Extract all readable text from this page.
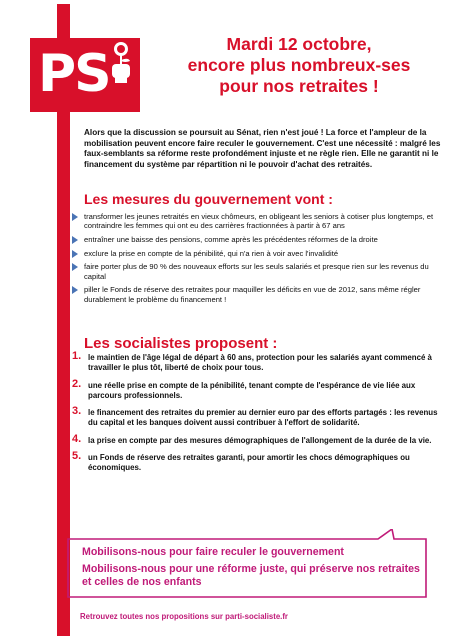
PS	Mardi 12 octobre,
encore plus nombreux-ses
pour nos retraites !
Alors que la discussion se poursuit au Sénat, rien n'est joué ! La force et l'ampleur de la mobilisation peuvent encore faire reculer le gouvernement. C'est une nécessité : malgré les faux-semblants sa réforme reste profondément injuste et ne règle rien. Elle ne garantit ni le financement du système par répartition ni le pouvoir d'achat des retraités.
Les mesures du gouvernement vont :
transformer les jeunes retraités en vieux chômeurs, en obligeant les seniors à cotiser plus longtemps, et contraindre les femmes qui ont eu des carrières fractionnées à partir à 67 ans
entraîner une baisse des pensions, comme après les précédentes réformes de la droite
exclure la prise en compte de la pénibilité, qui n'a rien à voir avec l'invalidité
faire porter plus de 90 % des nouveaux efforts sur les seuls salariés et presque rien sur les revenus du capital
piller le Fonds de réserve des retraites pour maquiller les déficits en vue de 2012, sans même régler durablement le problème du financement !
Les socialistes proposent :
1. le maintien de l'âge légal de départ à 60 ans, protection pour les salariés ayant commencé à travailler le plus tôt, liberté de choix pour tous.
2. une réelle prise en compte de la pénibilité, tenant compte de l'espérance de vie liée aux parcours professionnels.
3. le financement des retraites du premier au dernier euro par des efforts partagés : les revenus du capital et les banques doivent aussi contribuer à l'effort de solidarité.
4. la prise en compte par des mesures démographiques de l'allongement de la durée de la vie.
5. un Fonds de réserve des retraites garanti, pour amortir les chocs démographiques ou économiques.
Mobilisons-nous pour faire reculer le gouvernement
Mobilisons-nous pour une réforme juste, qui préserve nos retraites et celles de nos enfants
Retrouvez toutes nos propositions sur parti-socialiste.fr
